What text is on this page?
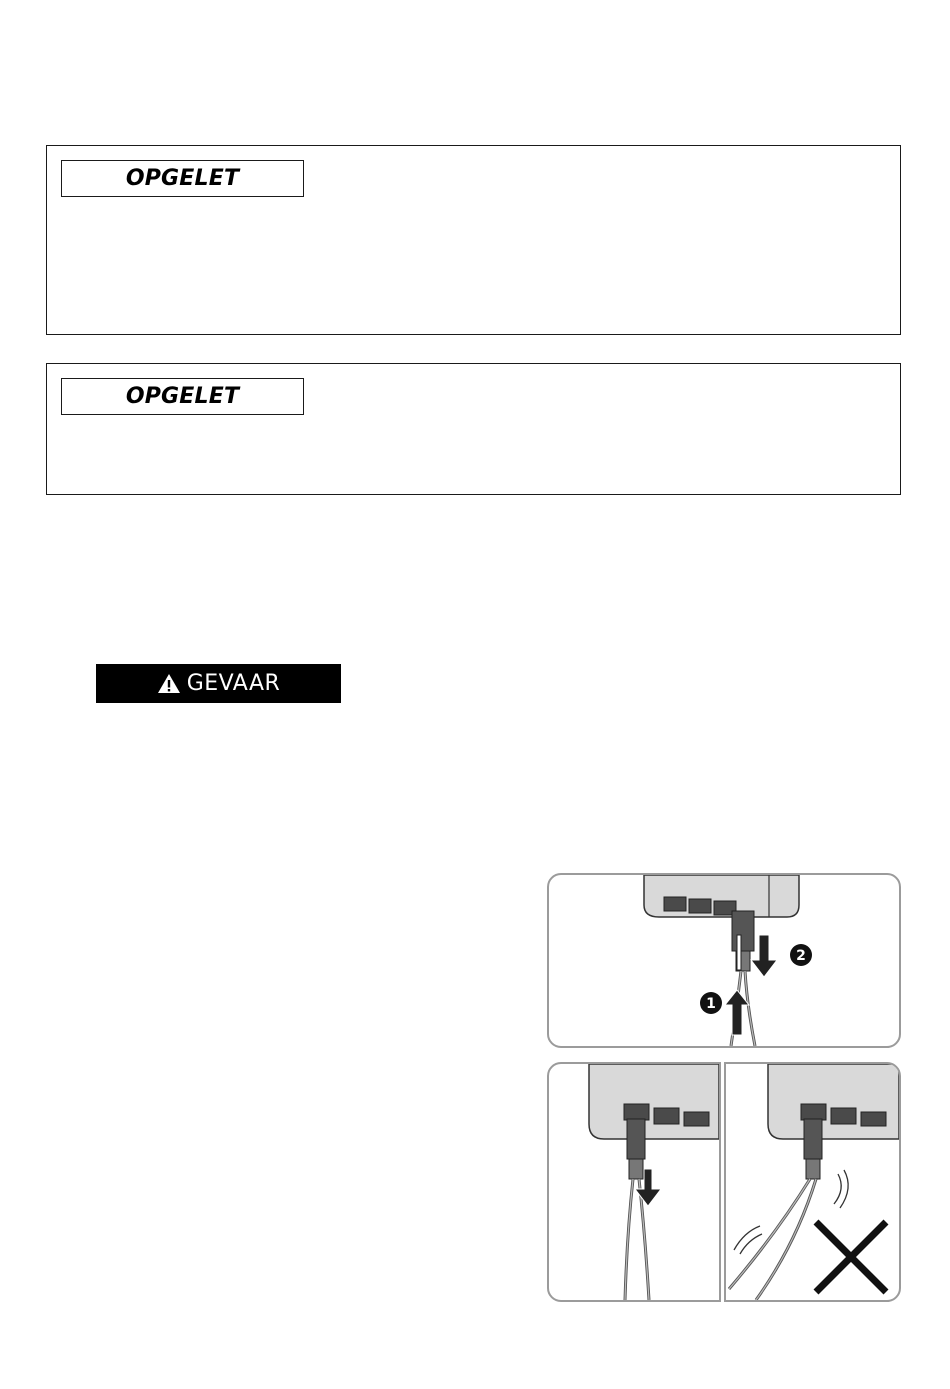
OPGELET
OPGELET
GEVAAR
1
2
